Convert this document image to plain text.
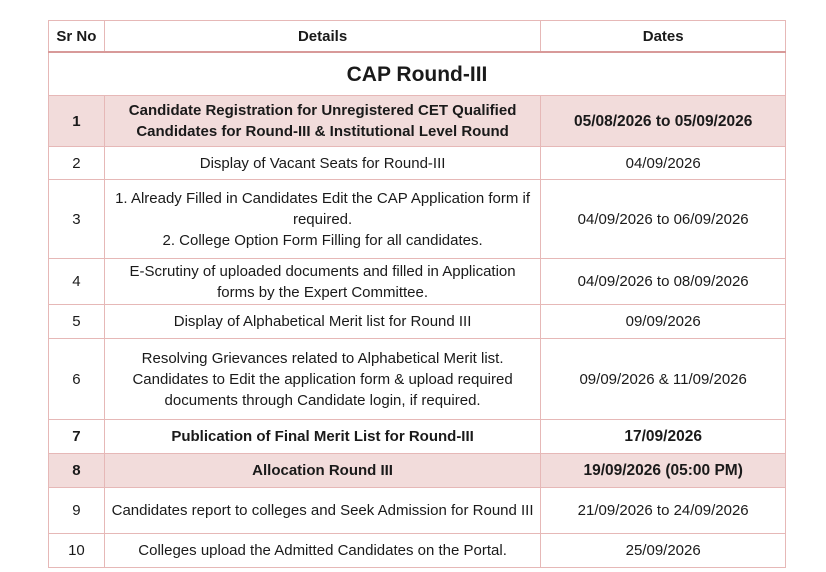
Sr No	Details	Dates
CAP Round-III		
1	Candidate Registration for Unregistered CET Qualified Candidates for Round-III & Institutional Level Round	05/08/2026 to 05/09/2026
2	Display of Vacant Seats for Round-III	04/09/2026
3	1. Already Filled in Candidates Edit the CAP Application form if required.
2. College Option Form Filling for all candidates.	04/09/2026 to 06/09/2026
4	E-Scrutiny of uploaded documents and filled in Application forms by the Expert Committee.	04/09/2026 to 08/09/2026
5	Display of Alphabetical Merit list for Round III	09/09/2026
6	Resolving Grievances related to Alphabetical Merit list. Candidates to Edit the application form & upload required documents through Candidate login, if required.	09/09/2026 & 11/09/2026
7	Publication of Final Merit List for Round-III	17/09/2026
8	Allocation Round III	19/09/2026 (05:00 PM)
9	Candidates report to colleges and Seek Admission for Round III	21/09/2026 to 24/09/2026
10	Colleges upload the Admitted Candidates on the Portal.	25/09/2026
